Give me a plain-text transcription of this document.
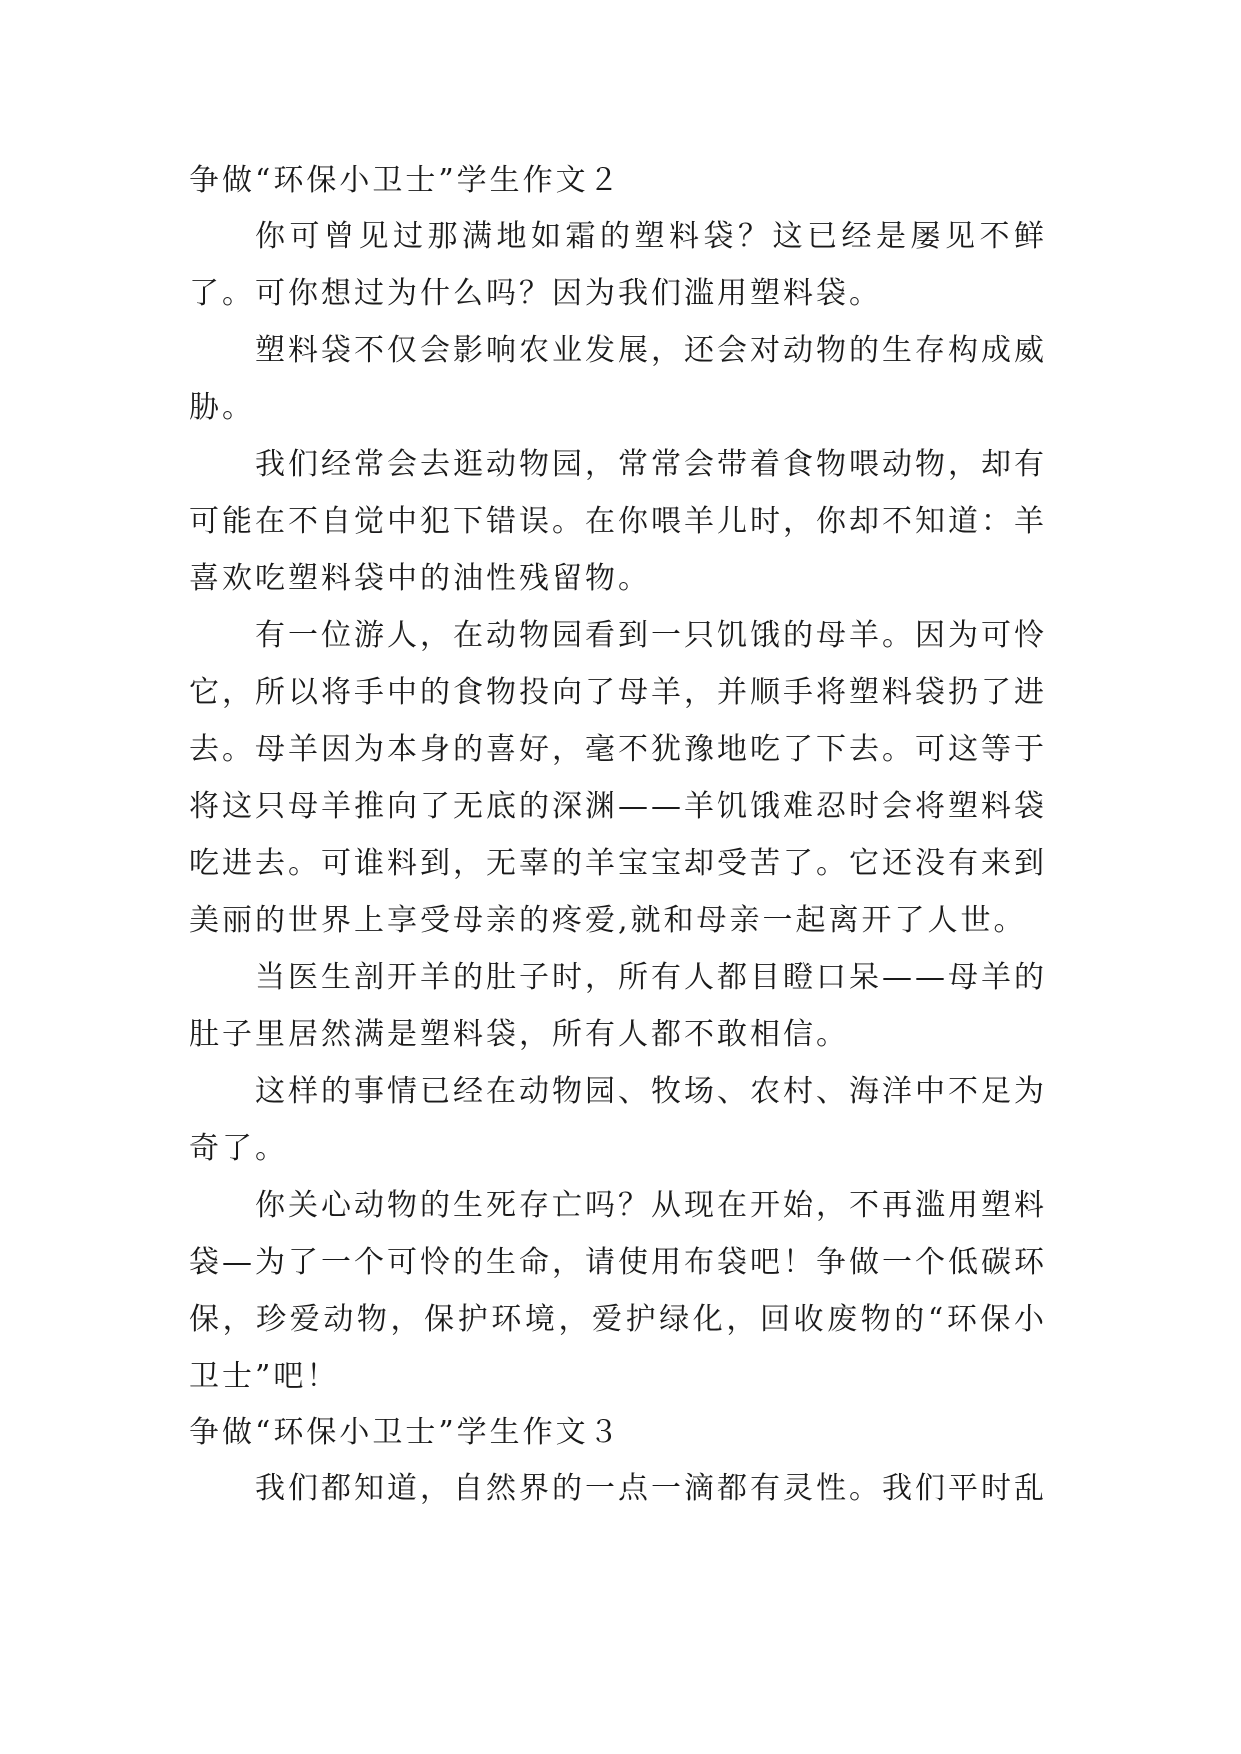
争做“环保小卫士”学生作文２

你可曾见过那满地如霜的塑料袋？这已经是屡见不鲜了。可你想过为什么吗？因为我们滥用塑料袋。

塑料袋不仅会影响农业发展，还会对动物的生存构成威胁。

我们经常会去逛动物园，常常会带着食物喂动物，却有可能在不自觉中犯下错误。在你喂羊儿时，你却不知道：羊喜欢吃塑料袋中的油性残留物。

有一位游人，在动物园看到一只饥饿的母羊。因为可怜它，所以将手中的食物投向了母羊，并顺手将塑料袋扔了进去。母羊因为本身的喜好，毫不犹豫地吃了下去。可这等于将这只母羊推向了无底的深渊——羊饥饿难忍时会将塑料袋吃进去。可谁料到，无辜的羊宝宝却受苦了。它还没有来到美丽的世界上享受母亲的疼爱,就和母亲一起离开了人世。

当医生剖开羊的肚子时，所有人都目瞪口呆——母羊的肚子里居然满是塑料袋，所有人都不敢相信。

这样的事情已经在动物园、牧场、农村、海洋中不足为奇了。

你关心动物的生死存亡吗？从现在开始，不再滥用塑料袋—为了一个可怜的生命，请使用布袋吧！争做一个低碳环保，珍爱动物，保护环境，爱护绿化，回收废物的“环保小卫士”吧！

争做“环保小卫士”学生作文３

我们都知道，自然界的一点一滴都有灵性。我们平时乱
